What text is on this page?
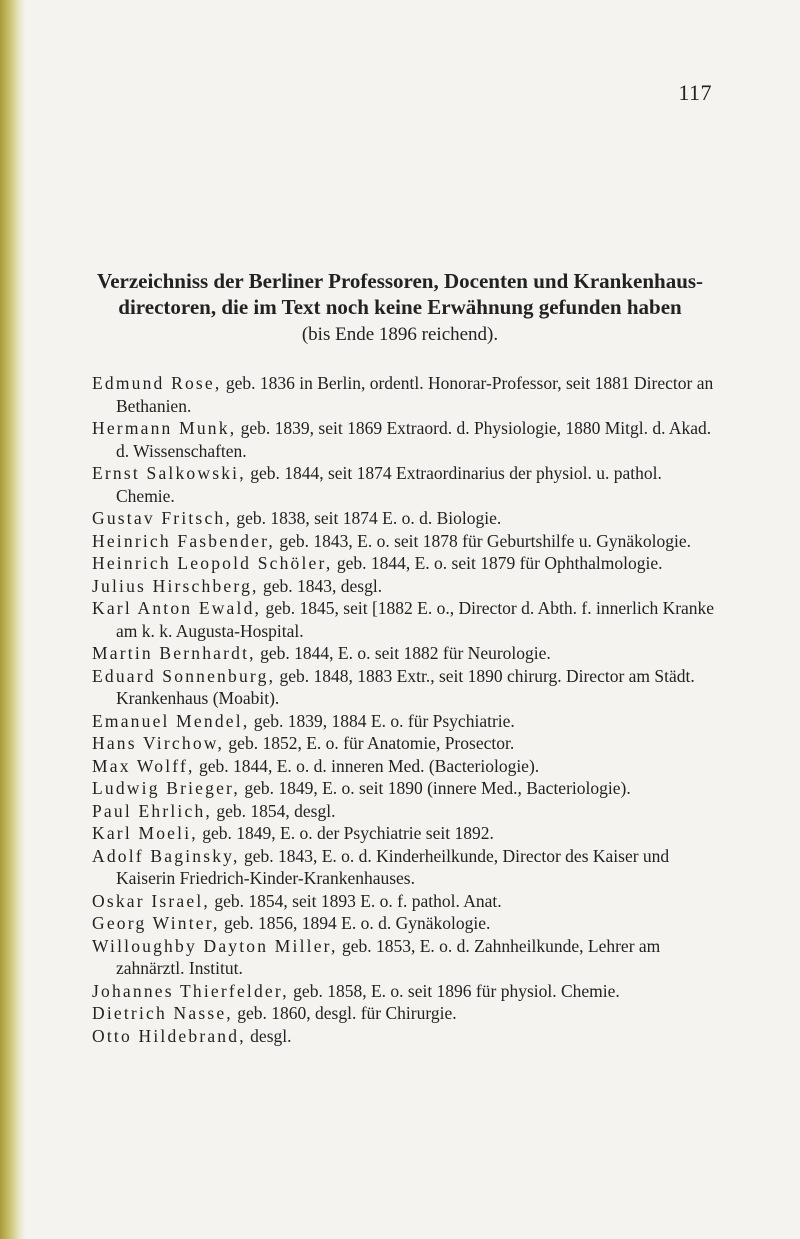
117
Verzeichniss der Berliner Professoren, Docenten und Krankenhaus-
directoren, die im Text noch keine Erwähnung gefunden haben
(bis Ende 1896 reichend).
Edmund Rose, geb. 1836 in Berlin, ordentl. Honorar-Professor, seit 1881 Director an Bethanien.
Hermann Munk, geb. 1839, seit 1869 Extraord. d. Physiologie, 1880 Mitgl. d. Akad. d. Wissenschaften.
Ernst Salkowski, geb. 1844, seit 1874 Extraordinarius der physiol. u. pathol. Chemie.
Gustav Fritsch, geb. 1838, seit 1874 E. o. d. Biologie.
Heinrich Fasbender, geb. 1843, E. o. seit 1878 für Geburtshilfe u. Gynäkologie.
Heinrich Leopold Schöler, geb. 1844, E. o. seit 1879 für Ophthalmologie.
Julius Hirschberg, geb. 1843, desgl.
Karl Anton Ewald, geb. 1845, seit [1882 E. o., Director d. Abth. f. innerlich Kranke am k. k. Augusta-Hospital.
Martin Bernhardt, geb. 1844, E. o. seit 1882 für Neurologie.
Eduard Sonnenburg, geb. 1848, 1883 Extr., seit 1890 chirurg. Director am Städt. Krankenhaus (Moabit).
Emanuel Mendel, geb. 1839, 1884 E. o. für Psychiatrie.
Hans Virchow, geb. 1852, E. o. für Anatomie, Prosector.
Max Wolff, geb. 1844, E. o. d. inneren Med. (Bacteriologie).
Ludwig Brieger, geb. 1849, E. o. seit 1890 (innere Med., Bacteriologie).
Paul Ehrlich, geb. 1854, desgl.
Karl Moeli, geb. 1849, E. o. der Psychiatrie seit 1892.
Adolf Baginsky, geb. 1843, E. o. d. Kinderheilkunde, Director des Kaiser und Kaiserin Friedrich-Kinder-Krankenhauses.
Oskar Israel, geb. 1854, seit 1893 E. o. f. pathol. Anat.
Georg Winter, geb. 1856, 1894 E. o. d. Gynäkologie.
Willoughby Dayton Miller, geb. 1853, E. o. d. Zahnheilkunde, Lehrer am zahnärztl. Institut.
Johannes Thierfelder, geb. 1858, E. o. seit 1896 für physiol. Chemie.
Dietrich Nasse, geb. 1860, desgl. für Chirurgie.
Otto Hildebrand, desgl.
